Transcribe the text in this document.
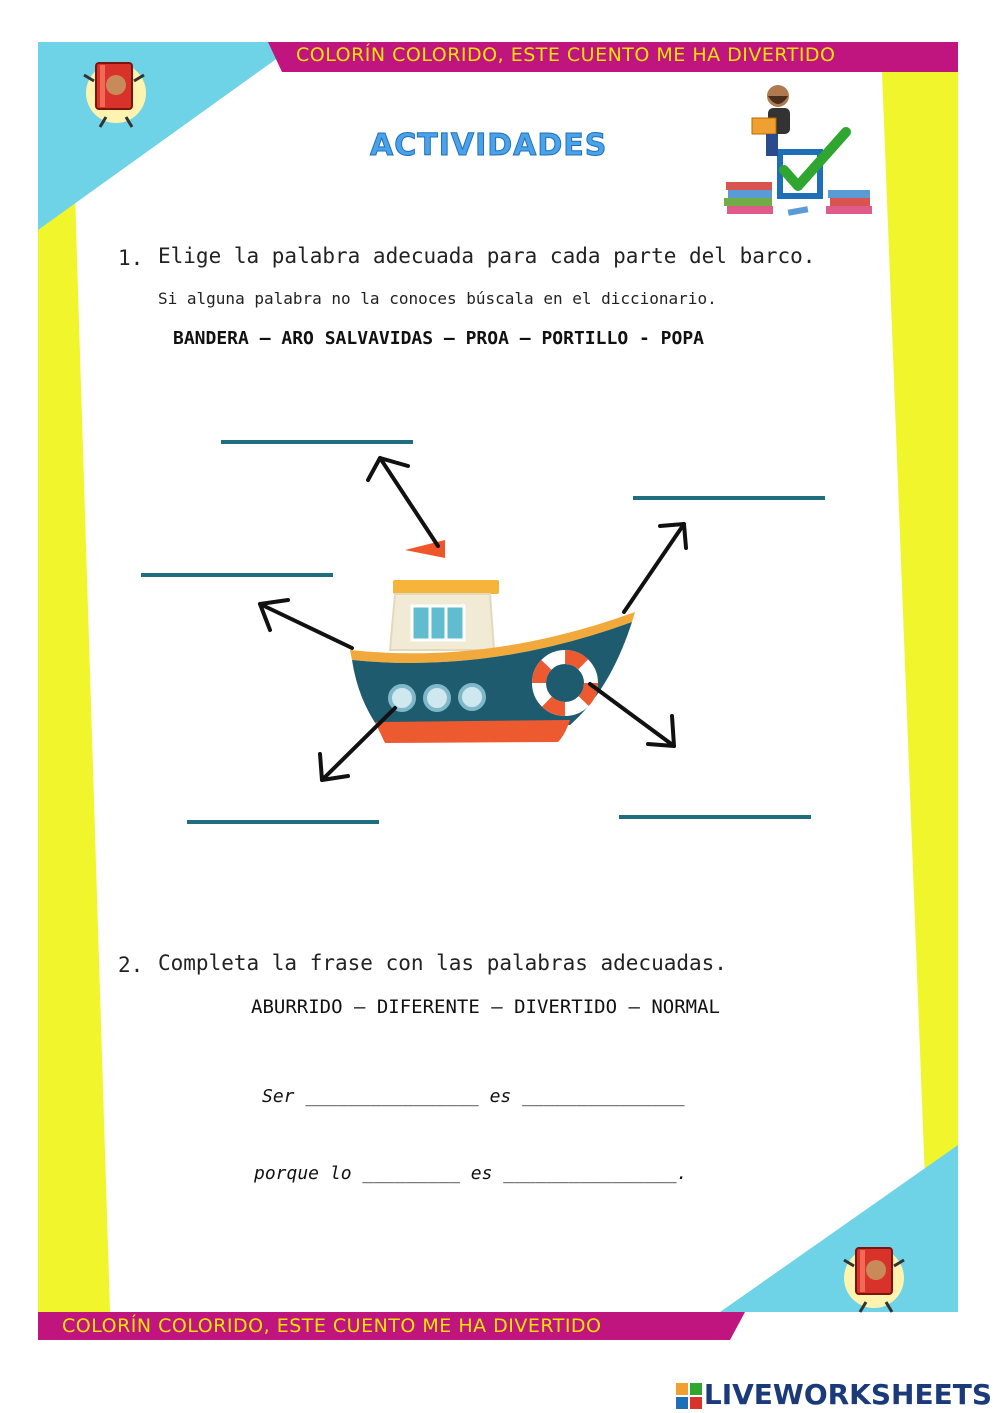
COLORÍN COLORIDO, ESTE CUENTO ME HA DIVERTIDO
COLORÍN COLORIDO, ESTE CUENTO ME HA DIVERTIDO
ACTIVIDADES
1. Elige la palabra adecuada para cada parte del barco.
Si alguna palabra no la conoces búscala en el diccionario.
BANDERA – ARO SALVAVIDAS – PROA – PORTILLO - POPA
2. Completa la frase con las palabras adecuadas.
ABURRIDO – DIFERENTE – DIVERTIDO – NORMAL
Ser ________________ es _______________
porque lo _________ es ________________.
LIVEWORKSHEETS
